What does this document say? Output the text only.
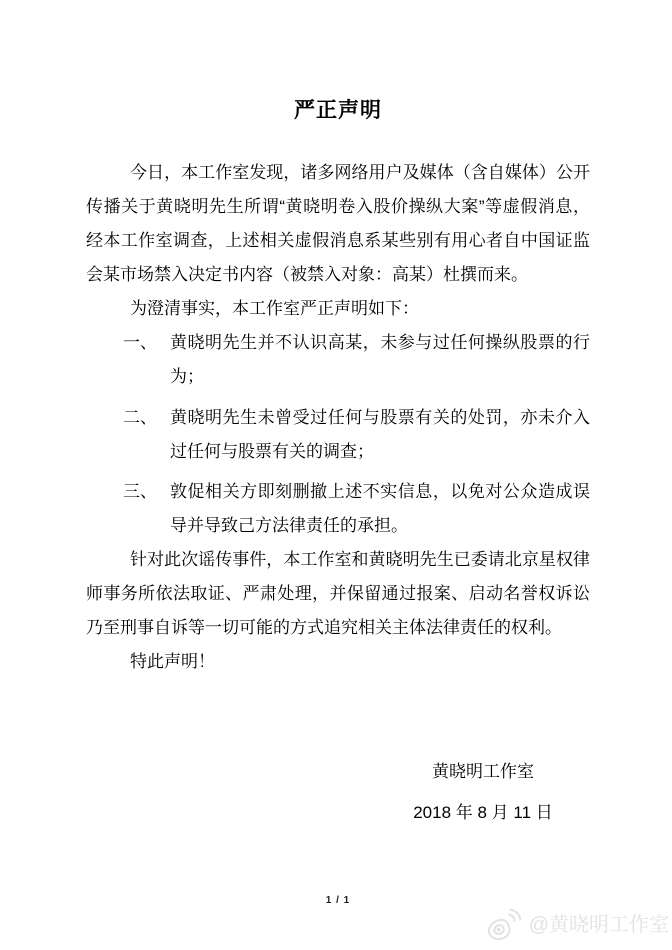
严正声明

今日，本工作室发现，诸多网络用户及媒体（含自媒体）公开传播关于黄晓明先生所谓“黄晓明卷入股价操纵大案”等虚假消息，经本工作室调查，上述相关虚假消息系某些别有用心者自中国证监会某市场禁入决定书内容（被禁入对象：高某）杜撰而来。

为澄清事实，本工作室严正声明如下：

一、 黄晓明先生并不认识高某，未参与过任何操纵股票的行为；
二、 黄晓明先生未曾受过任何与股票有关的处罚，亦未介入过任何与股票有关的调查；
三、 敦促相关方即刻删撤上述不实信息，以免对公众造成误导并导致己方法律责任的承担。

针对此次谣传事件，本工作室和黄晓明先生已委请北京星权律师事务所依法取证、严肃处理，并保留通过报案、启动名誉权诉讼乃至刑事自诉等一切可能的方式追究相关主体法律责任的权利。

特此声明！

黄晓明工作室
2018 年 8 月 11 日
1 / 1
@黄晓明工作室
